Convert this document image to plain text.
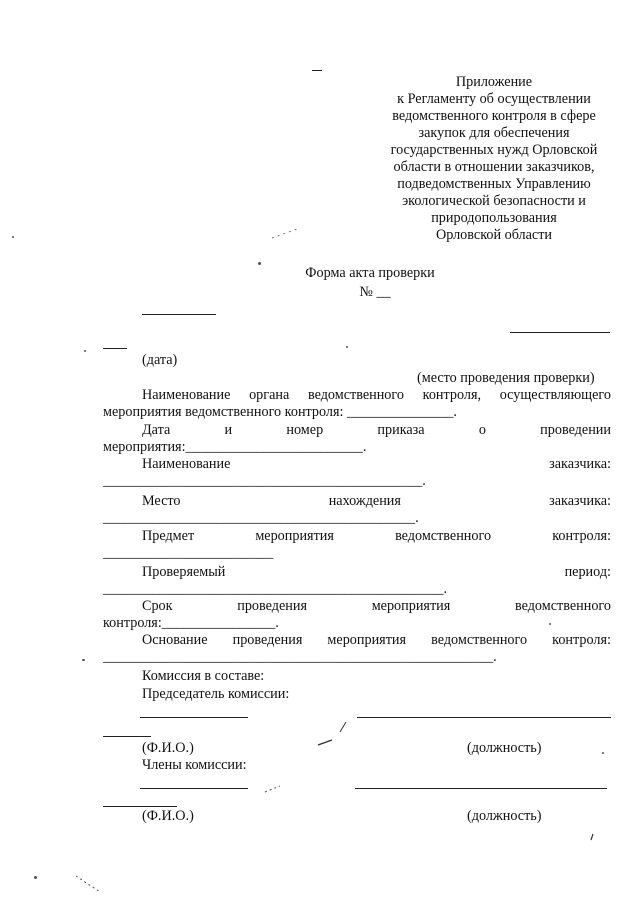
Приложение
к Регламенту об осуществлении
ведомственного контроля в сфере
закупок для обеспечения
государственных нужд Орловской
области в отношении заказчиков,
подведомственных Управлению
экологической безопасности и
природопользования
Орловской области
Форма акта проверки
№ __
(дата)
(место проведения проверки)
Наименование органа ведомственного контроля, осуществляющего
мероприятия ведомственного контроля: _______________.
Дата	и	номер	приказа	о	проведении
мероприятия:_________________________.
Наименование	заказчика:
_____________________________________________.
Место	нахождения	заказчика:
____________________________________________.
Предмет	мероприятия	ведомственного	контроля:
________________________
Проверяемый	период:
________________________________________________.
Срок	проведения	мероприятия	ведомственного
контроля:________________.
Основание проведения мероприятия ведомственного контроля:
_______________________________________________________.
Комиссия в составе:
Председатель комиссии:
(Ф.И.О.)	(должность)
Члены комиссии:
(Ф.И.О.)	(должность)
